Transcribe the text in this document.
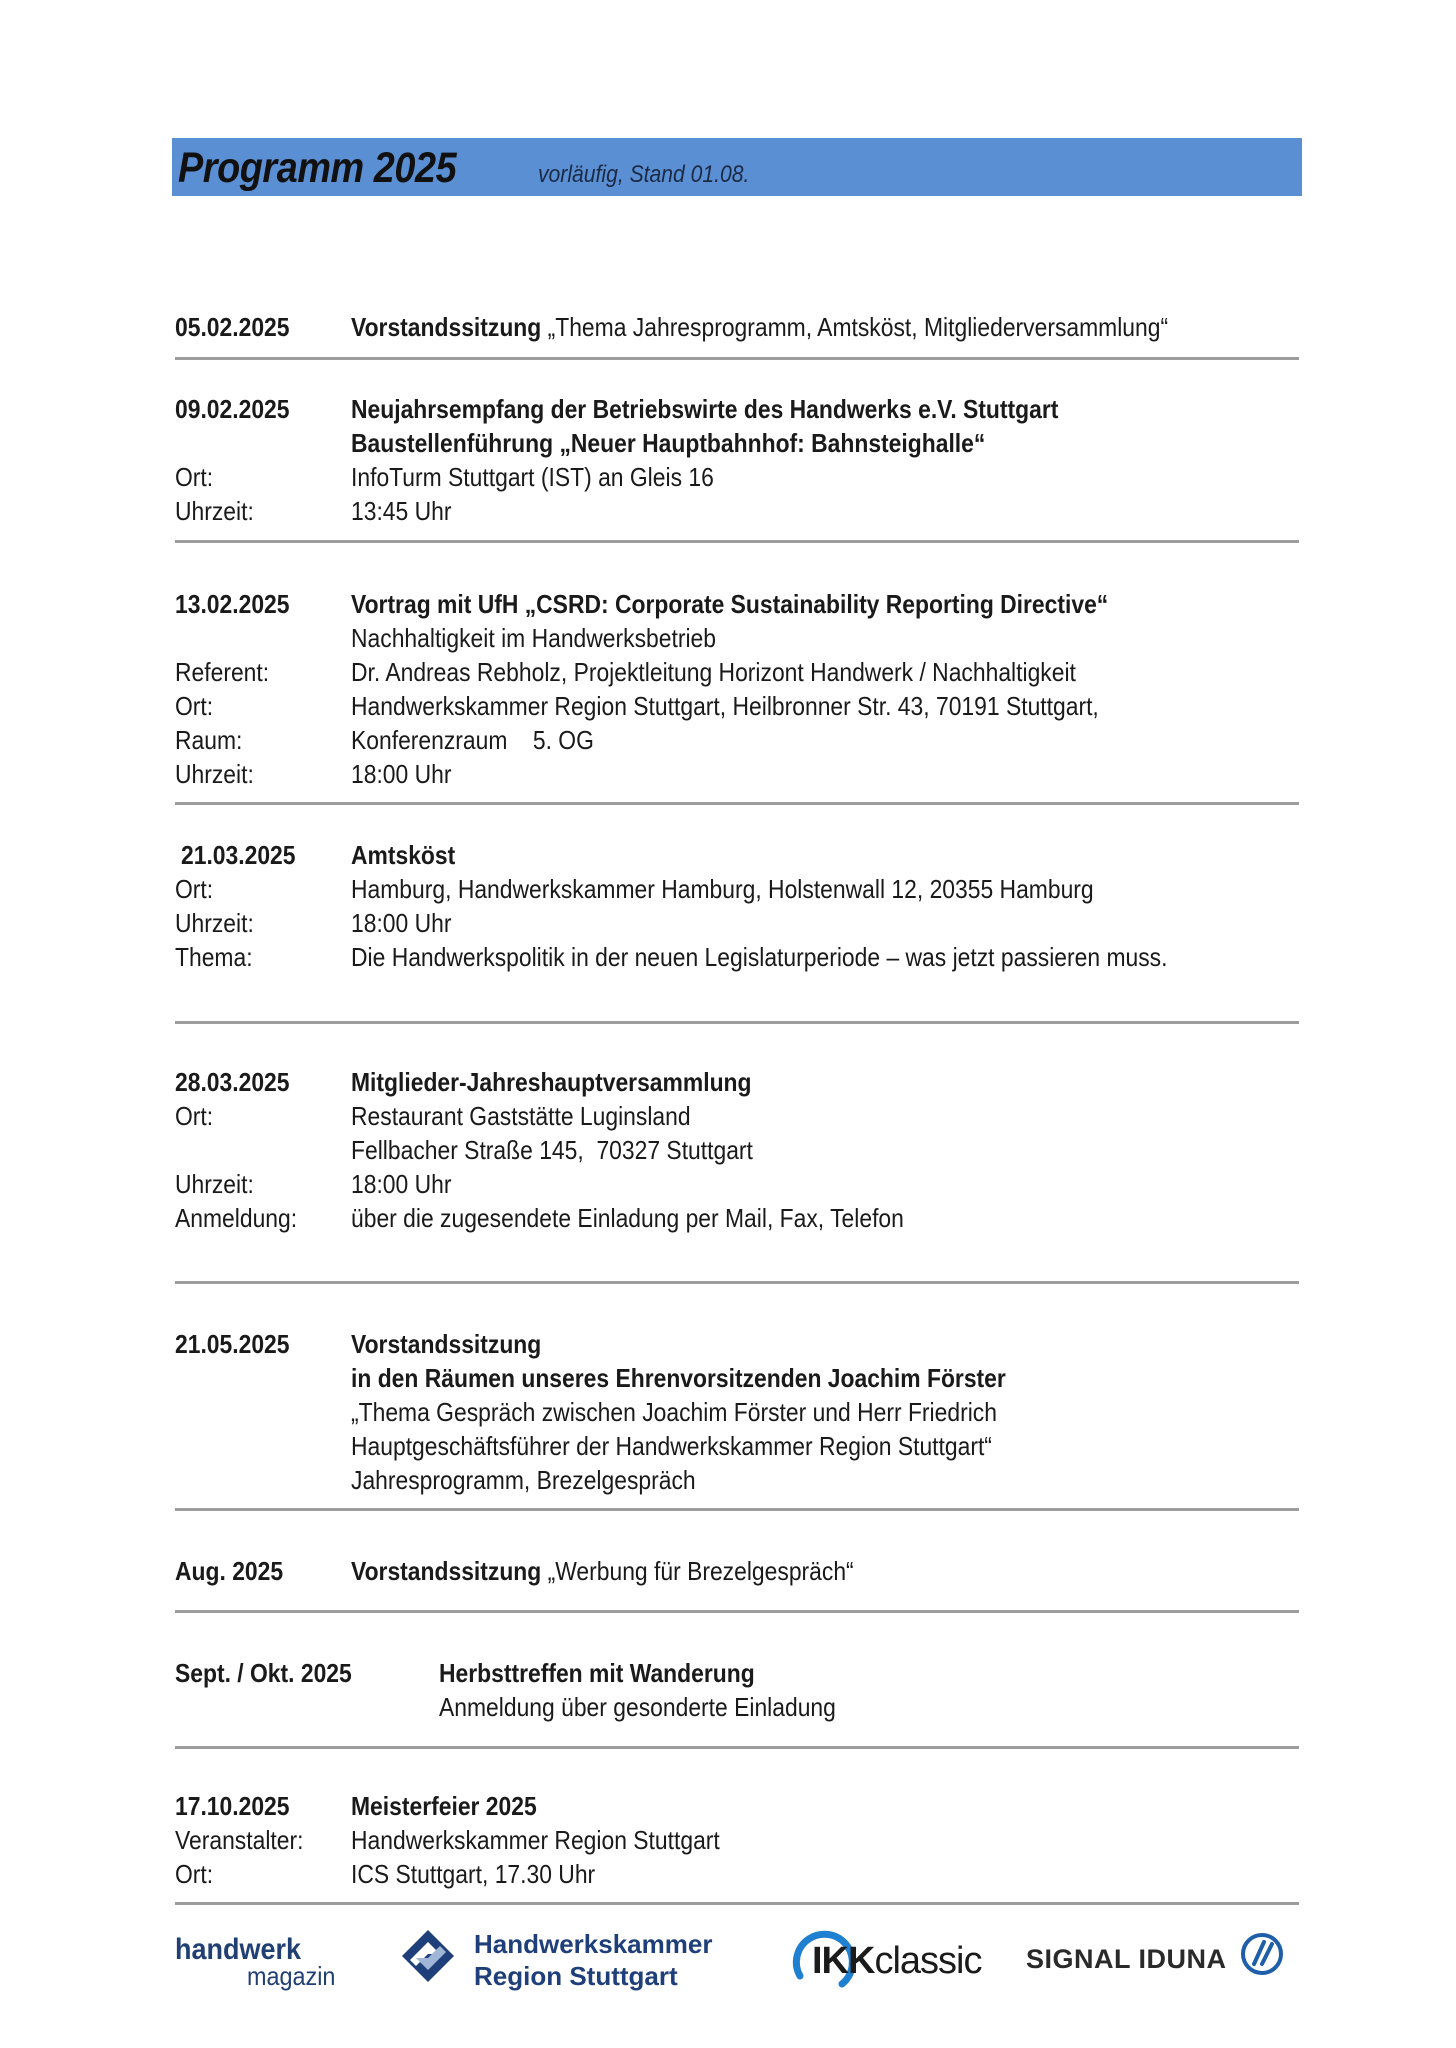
Programm 2025	vorläufig, Stand 01.08.
05.02.2025 Vorstandssitzung „Thema Jahresprogramm, Amtsköst, Mitgliederversammlung“
09.02.2025 Neujahrsempfang der Betriebswirte des Handwerks e.V. Stuttgart
Baustellenführung „Neuer Hauptbahnhof: Bahnsteighalle“
Ort:	InfoTurm Stuttgart (IST) an Gleis 16
Uhrzeit:	13:45 Uhr
13.02.2025 Vortrag mit UfH „CSRD: Corporate Sustainability Reporting Directive“
Nachhaltigkeit im Handwerksbetrieb
Referent:	Dr. Andreas Rebholz, Projektleitung Horizont Handwerk / Nachhaltigkeit
Ort:	Handwerkskammer Region Stuttgart, Heilbronner Str. 43, 70191 Stuttgart,
Raum:	Konferenzraum    5. OG
Uhrzeit:	18:00 Uhr
21.03.2025 Amtsköst
Ort:	Hamburg, Handwerkskammer Hamburg, Holstenwall 12, 20355 Hamburg
Uhrzeit:	18:00 Uhr
Thema:	Die Handwerkspolitik in der neuen Legislaturperiode – was jetzt passieren muss.
28.03.2025 Mitglieder-Jahreshauptversammlung
Ort:	Restaurant Gaststätte Luginsland
Fellbacher Straße 145,  70327 Stuttgart
Uhrzeit:	18:00 Uhr
Anmeldung: über die zugesendete Einladung per Mail, Fax, Telefon
21.05.2025 Vorstandssitzung
in den Räumen unseres Ehrenvorsitzenden Joachim Förster
„Thema Gespräch zwischen Joachim Förster und Herr Friedrich
Hauptgeschäftsführer der Handwerkskammer Region Stuttgart“
Jahresprogramm, Brezelgespräch
Aug. 2025	Vorstandssitzung „Werbung für Brezelgespräch“
Sept. / Okt. 2025	Herbsttreffen mit Wanderung
Anmeldung über gesonderte Einladung
17.10.2025 Meisterfeier 2025
Veranstalter: Handwerkskammer Region Stuttgart
Ort:	ICS Stuttgart, 17.30 Uhr
handwerk
magazin
Handwerkskammer
Region Stuttgart	IKKclassic SIGNAL IDUNA
